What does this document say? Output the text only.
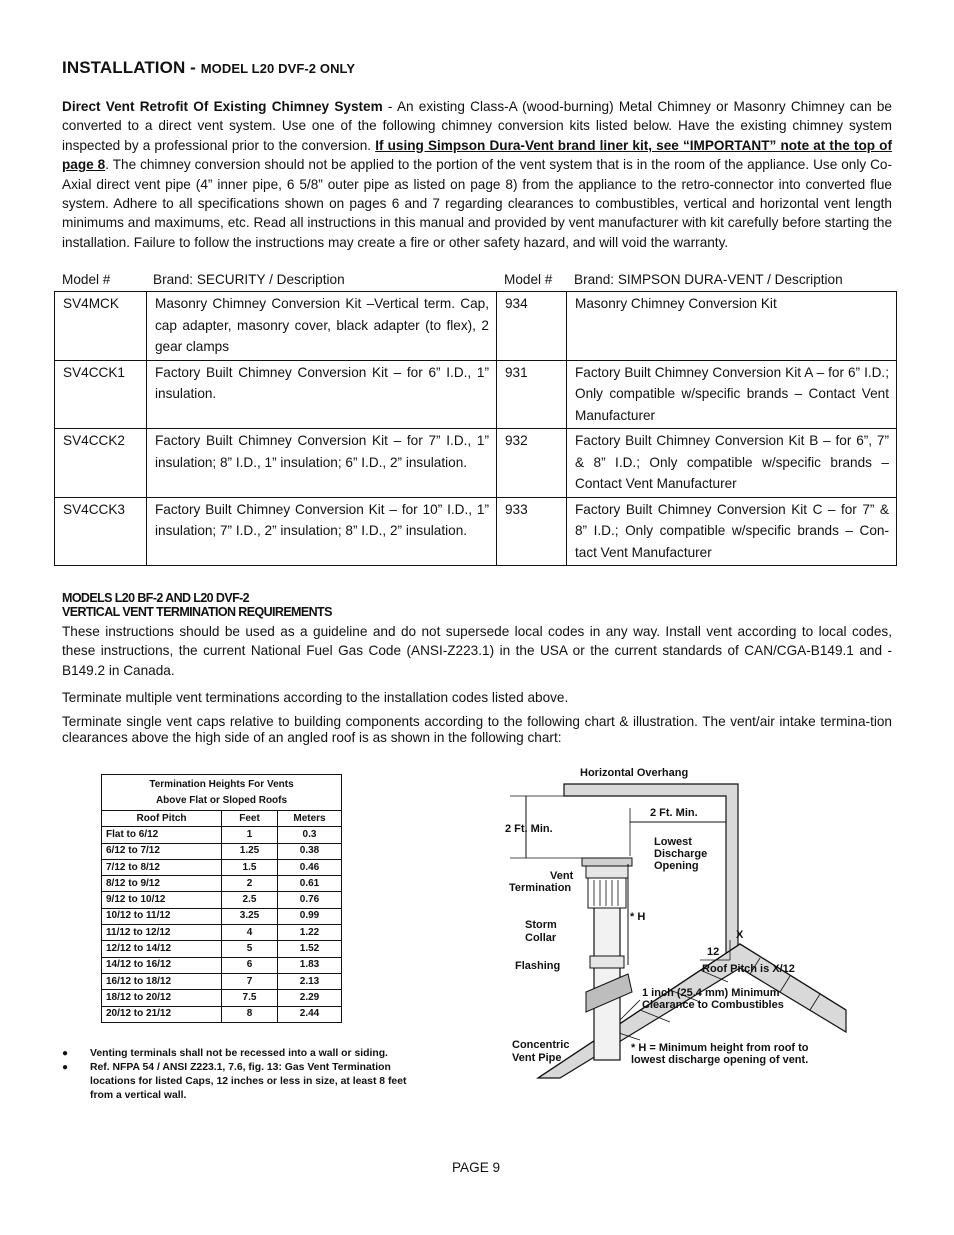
INSTALLATION - MODEL L20 DVF-2 ONLY
Direct Vent Retrofit Of Existing Chimney System - An existing Class-A (wood-burning) Metal Chimney or Masonry Chimney can be converted to a direct vent system. Use one of the following chimney conversion kits listed below. Have the existing chimney system inspected by a professional prior to the conversion. If using Simpson Dura-Vent brand liner kit, see “IMPORTANT” note at the top of page 8. The chimney conversion should not be applied to the portion of the vent system that is in the room of the appliance. Use only Co-Axial direct vent pipe (4” inner pipe, 6 5/8” outer pipe as listed on page 8) from the appliance to the retro-connector into converted flue system. Adhere to all specifications shown on pages 6 and 7 regarding clearances to combustibles, vertical and horizontal vent length minimums and maximums, etc. Read all instructions in this manual and provided by vent manufacturer with kit carefully before starting the installation. Failure to follow the instructions may create a fire or other safety hazard, and will void the warranty.
Model #	Brand: SECURITY / Description	Model # Brand: SIMPSON DURA-VENT / Description
SV4MCK	Masonry Chimney Conversion Kit –Vertical term. Cap, cap adapter, masonry cover, black adapter (to flex), 2 gear clamps	934	Masonry Chimney Conversion Kit
SV4CCK1	Factory Built Chimney Conversion Kit – for 6” I.D., 1” insulation.	931	Factory Built Chimney Conversion Kit A – for 6” I.D.; Only compatible w/specific brands – Contact Vent Manufacturer
SV4CCK2	Factory Built Chimney Conversion Kit – for 7” I.D., 1” insulation; 8” I.D., 1” insulation; 6” I.D., 2” insulation.	932	Factory Built Chimney Conversion Kit B – for 6”, 7” & 8” I.D.; Only compatible w/specific brands – Contact Vent Manufacturer
SV4CCK3	Factory Built Chimney Conversion Kit – for 10” I.D., 1” insulation; 7” I.D., 2” insulation; 8” I.D., 2” insulation.	933	Factory Built Chimney Conversion Kit C – for 7” & 8” I.D.; Only compatible w/specific brands – Con-tact Vent Manufacturer
MODELS L20 BF-2 AND L20 DVF-2
VERTICAL VENT TERMINATION REQUIREMENTS
These instructions should be used as a guideline and do not supersede local codes in any way. Install vent according to local codes, these instructions, the current National Fuel Gas Code (ANSI-Z223.1) in the USA or the current standards of CAN/CGA-B149.1 and -B149.2 in Canada.
Terminate multiple vent terminations according to the installation codes listed above.
Terminate single vent caps relative to building components according to the following chart & illustration. The vent/air intake termina-tion clearances above the high side of an angled roof is as shown in the following chart:
Termination Heights For Vents
Above Flat or Sloped Roofs		

Roof Pitch	Feet	Meters
Flat to 6/12	1	0.3
6/12 to 7/12	1.25	0.38
7/12 to 8/12	1.5	0.46
8/12 to 9/12	2	0.61
9/12 to 10/12	2.5	0.76
10/12 to 11/12	3.25	0.99
11/12 to 12/12	4	1.22
12/12 to 14/12	5	1.52
14/12 to 16/12	6	1.83
16/12 to 18/12	7	2.13
18/12 to 20/12	7.5	2.29
20/12 to 21/12	8	2.44
● Venting terminals shall not be recessed into a wall or siding.
● Ref. NFPA 54 / ANSI Z223.1, 7.6, fig. 13: Gas Vent Termination locations for listed Caps, 12 inches or less in size, at least 8 feet from a vertical wall.
Horizontal Overhang
2 Ft. Min.
2 Ft. Min.
Lowest
Discharge
Opening
Vent
Termination
* H
Storm
Collar	X
12
Flashing	Roof Pitch is X/12
1 inch (25.4 mm) Minimum
Clearance to Combustibles
Concentric
Vent Pipe
* H = Minimum height from roof to
lowest discharge opening of vent.
PAGE 9
